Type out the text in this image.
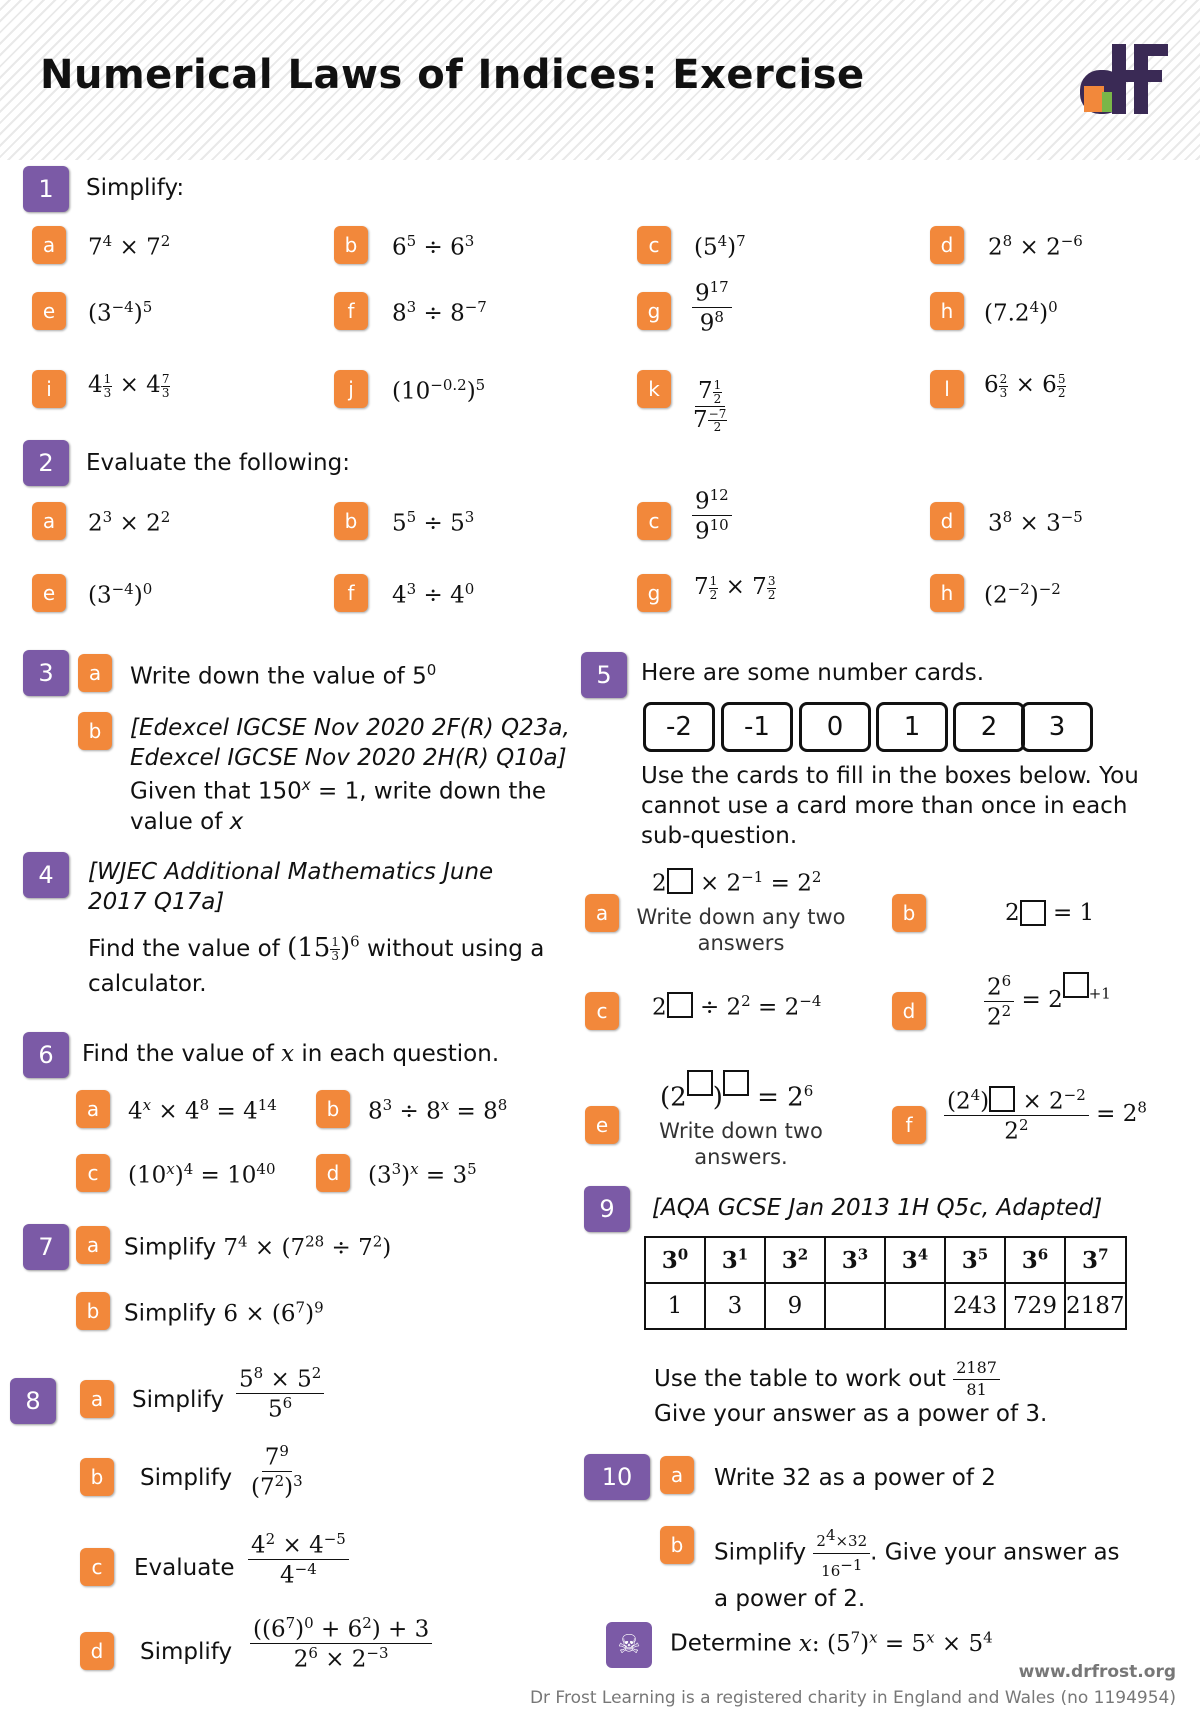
Numerical Laws of Indices: Exercise
df
1	Simplify:
a	$7^4 \times 7^2$	b	$6^5 \div 6^3$	c	$(5^4)^7$	d	$2^8 \times 2^{-6}$
e	$(3^{-4})^5$	f	$8^3 \div 8^{-7}$	g	$\frac{9^{17}}{9^8}$	h	$(7.2^4)^0$
i	$4 \frac{1}{3} \times 4 \frac{7}{3}$	j	$(10^{-0.2})^5$	k	$\frac{7 \frac{1}{2}}{7 \frac{-7}{2}}$	l	$6 \frac{2}{3} \times 6 \frac{5}{2}$
2	Evaluate the following:
a	$2^3 \times 2^2$	b	$5^5 \div 5^3$	c	$\frac{9^{12}}{9^{10}}$	d	$3^8 \times 3^{-5}$
e	$(3^{-4})^0$	f	$4^3 \div 4^0$	g	$7 \frac{1}{2} \times 7 \frac{3}{2}$	h	$(2^{-2})^{-2}$
3	a	Write down the value of $5^0$
b	[Edexcel IGCSE Nov 2020 2F(R) Q23a, Edexcel IGCSE Nov 2020 2H(R) Q10a]
Given that $150^x = 1$, write down the value of x
4	[WJEC Additional Mathematics June 2017 Q17a]
Find the value of $(15 \frac{1}{3} )^6$ without using a calculator.
5	Here are some number cards.
-2	-1	0	1	2	3
Use the cards to fill in the boxes below. You cannot use a card more than once in each sub-question.
a
$2 \times 2^{-1} = 2^2$
Write down any two answers
b	2 = 1
c	$2 \div 2^2 = 2^{-4}$	d	$\frac{2^6}{2^2} = 2$ $^{+1}$
e
(2 ) = $2^6$
Write down two answers.
f	$\frac{(2^4) \times 2^{-2}}{2^2} = 2^8$
6	Find the value of x in each question.
a	$4^x \times 4^8 = 4^{14}$	b	$8^3 \div 8^x = 8^8$
c	$(10^x)^4 = 10^{40}$	d	$(3^3)^x = 3^5$
7	a	Simplify $7^4 \times (7^{28} \div 7^2)$
b	Simplify $6 \times (6^7)^9$
8	a	Simplify $\frac{5^8 \times 5^2}{5^6}$
b	Simplify $\frac{7^9}{(7^2)^3}$
c	Evaluate $\frac{4^2 \times 4^{-5}}{4^{-4}}$
d	Simplify $\frac{((6^7)^0 + 6^2) + 3}{2^6 \times 2^{-3}}$
9	[AQA GCSE Jan 2013 1H Q5c, Adapted]
$3^0$	$3^1$	$3^2$	$3^3$	$3^4$	$3^5$	$3^6$	$3^7$
1	3	9			243	729	2187
Use the table to work out $\frac{2187}{81}$
Give your answer as a power of 3.
10	a	Write 32 as a power of 2
b	Simplify $\frac{2^4\times 32}{16^{-1}}$ . Give your answer as a power of 2.
☠	Determine x: $(5^7)^x = 5^x \times 5^4$
www.drfrost.org
Dr Frost Learning is a registered charity in England and Wales (no 1194954)
